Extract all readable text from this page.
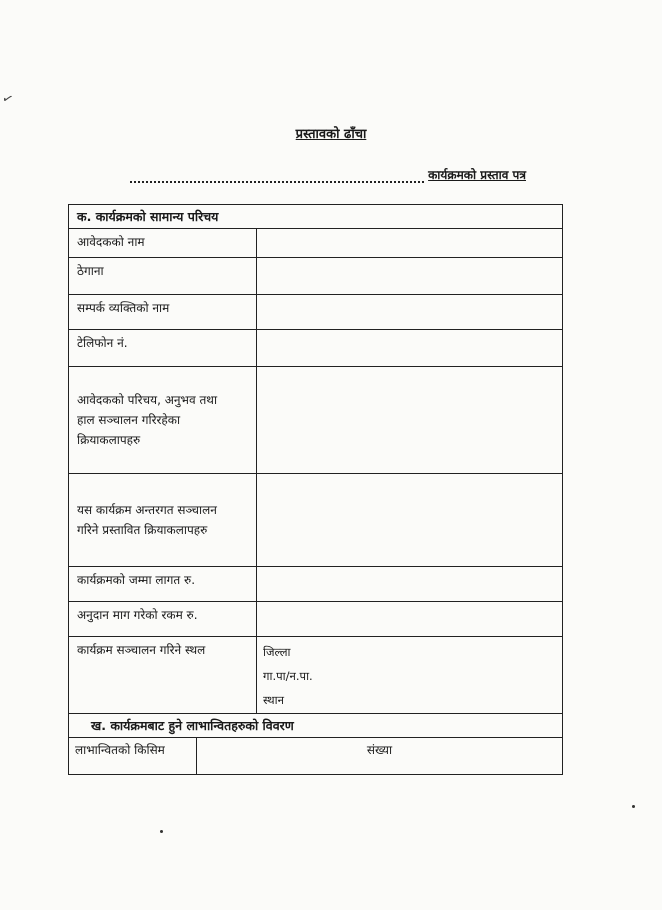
✓
प्रस्तावको ढाँचा
कार्यक्रमको प्रस्ताव पत्र
क. कार्यक्रमको सामान्य परिचय
आवेदकको नाम
ठेगाना
सम्पर्क व्यक्तिको नाम
टेलिफोन नं.
आवेदकको परिचय, अनुभव तथा
हाल सञ्चालन गरिरहेका
क्रियाकलापहरु
यस कार्यक्रम अन्तरगत सञ्चालन
गरिने प्रस्तावित क्रियाकलापहरु
कार्यक्रमको जम्मा लागत रु.
अनुदान माग गरेको रकम रु.
कार्यक्रम सञ्चालन गरिने स्थल	जिल्ला
गा.पा/न.पा.
स्थान
ख. कार्यक्रमबाट हुने लाभान्वितहरुको विवरण
लाभान्वितको किसिम	संख्या
